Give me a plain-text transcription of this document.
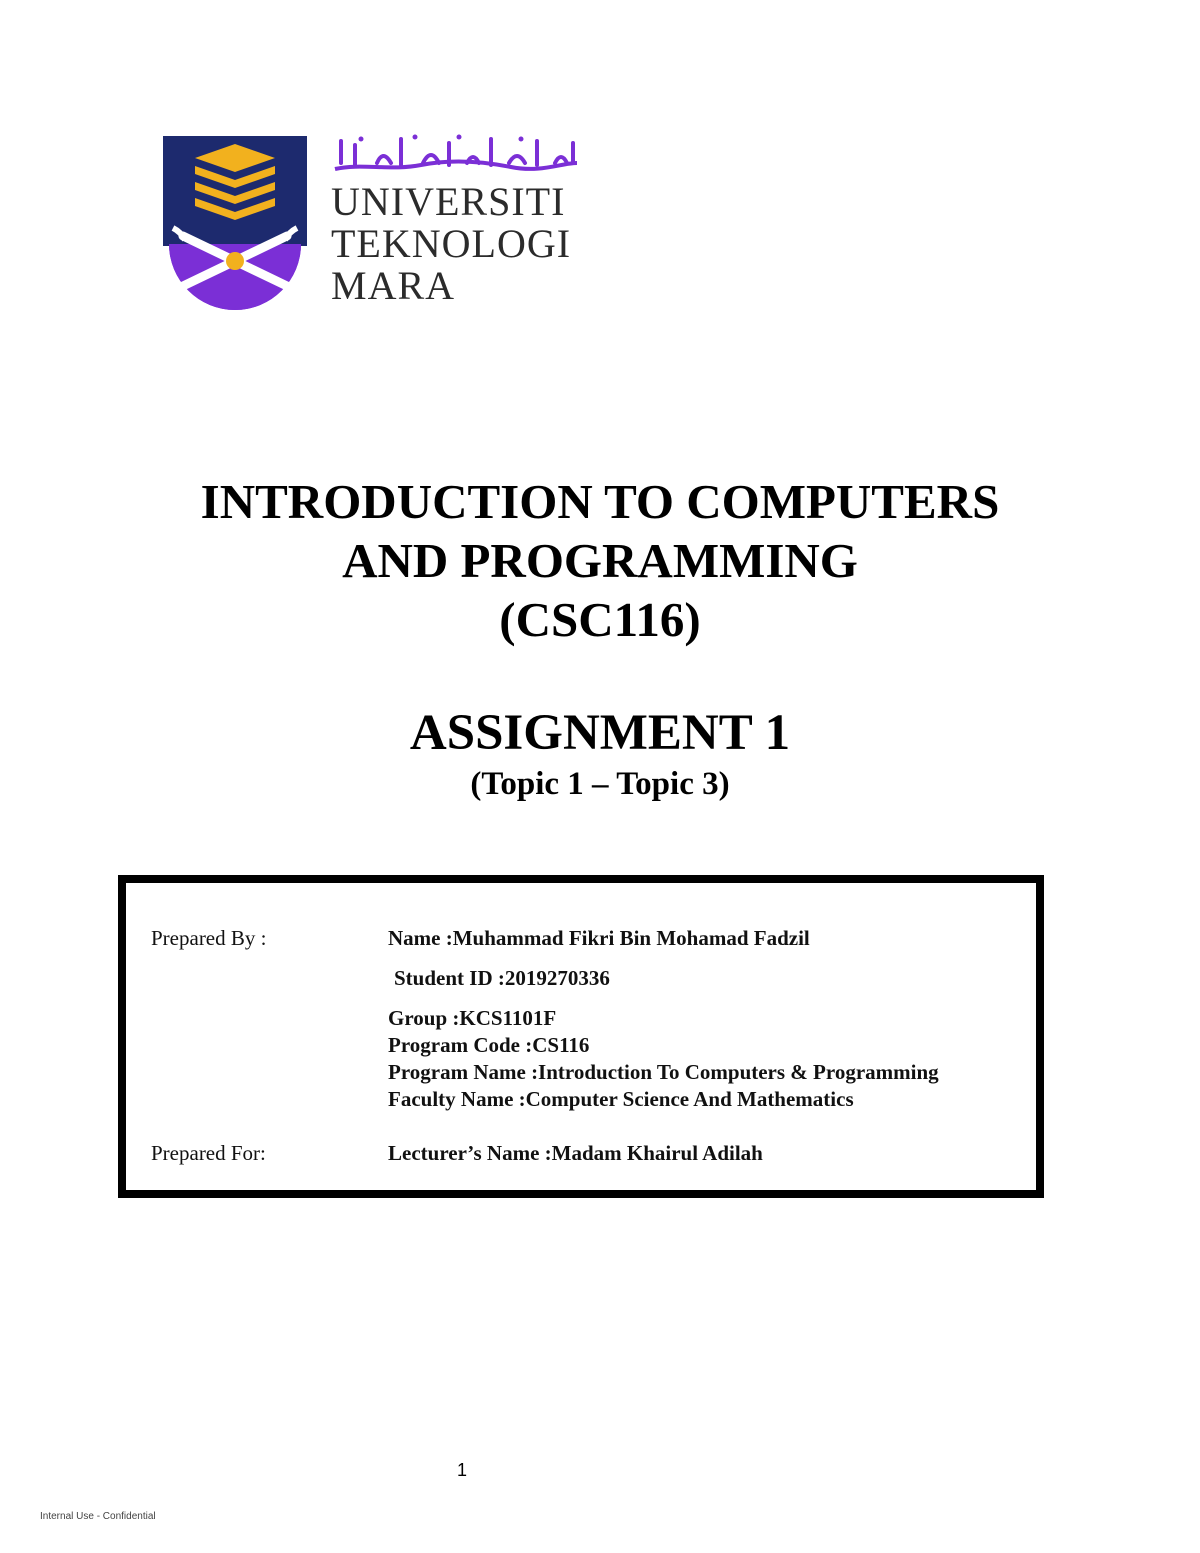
UNIVERSITI
TEKNOLOGI
MARA
INTRODUCTION TO COMPUTERS
AND PROGRAMMING
(CSC116)
ASSIGNMENT 1
(Topic 1 – Topic 3)
Prepared By :	Name :Muhammad Fikri Bin Mohamad Fadzil
Student ID :2019270336
Group :KCS1101F
Program Code :CS116
Program Name :Introduction To Computers & Programming
Faculty Name :Computer Science And Mathematics
Prepared For:	Lecturer’s Name :Madam Khairul Adilah
1
Internal Use - Confidential
